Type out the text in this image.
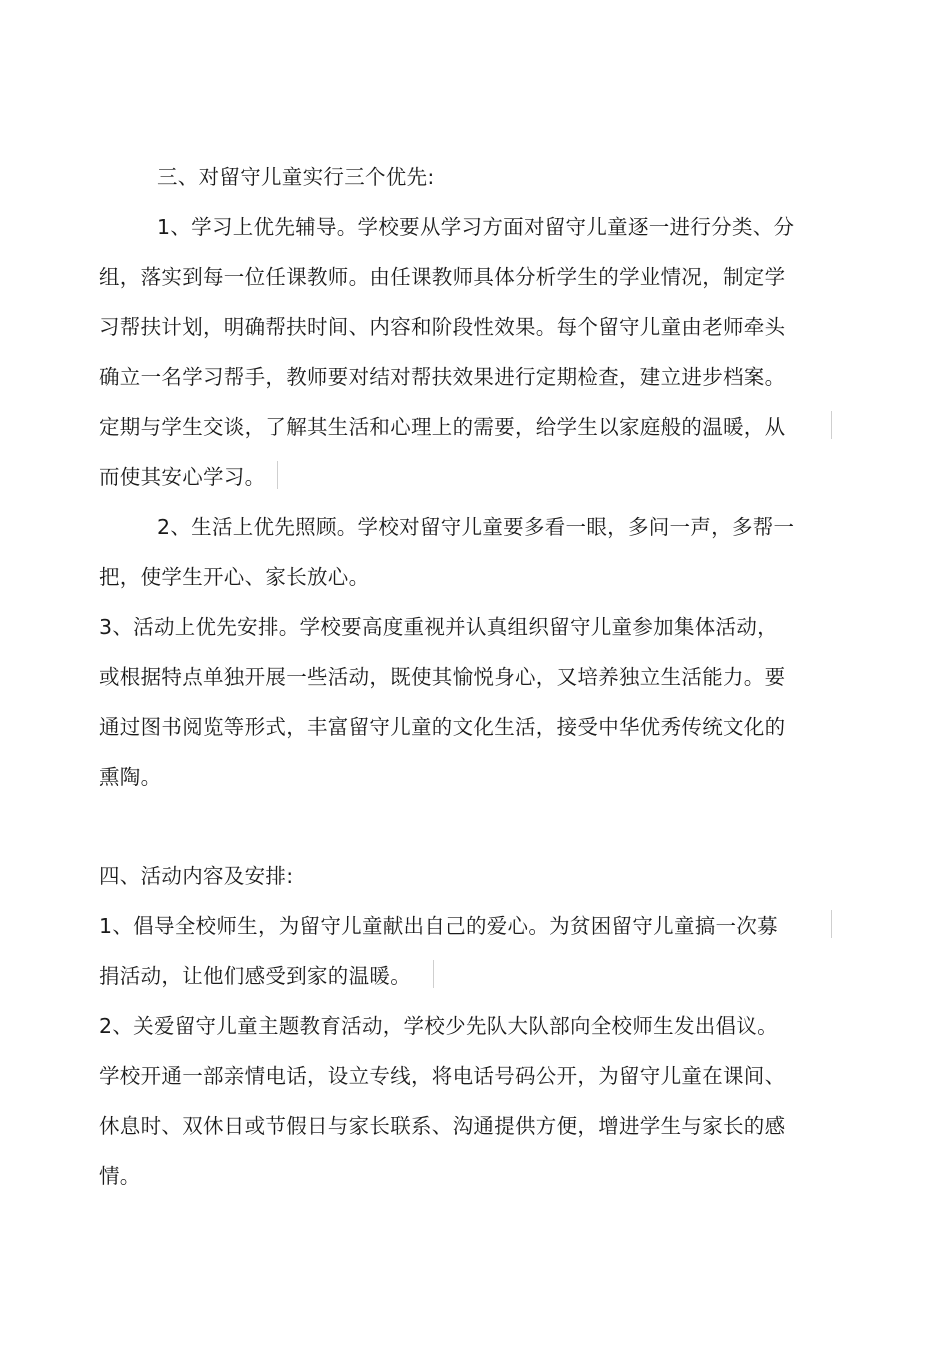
三、对留守儿童实行三个优先:
1、学习上优先辅导。学校要从学习方面对留守儿童逐一进行分类、分
组，落实到每一位任课教师。由任课教师具体分析学生的学业情况，制定学
习帮扶计划，明确帮扶时间、内容和阶段性效果。每个留守儿童由老师牵头
确立一名学习帮手，教师要对结对帮扶效果进行定期检查，建立进步档案。
定期与学生交谈，了解其生活和心理上的需要，给学生以家庭般的温暖，从
而使其安心学习。
2、生活上优先照顾。学校对留守儿童要多看一眼，多问一声，多帮一
把，使学生开心、家长放心。
3、活动上优先安排。学校要高度重视并认真组织留守儿童参加集体活动，
或根据特点单独开展一些活动，既使其愉悦身心，又培养独立生活能力。要
通过图书阅览等形式，丰富留守儿童的文化生活，接受中华优秀传统文化的
熏陶。
四、活动内容及安排:
1、倡导全校师生，为留守儿童献出自己的爱心。为贫困留守儿童搞一次募
捐活动，让他们感受到家的温暖。
2、关爱留守儿童主题教育活动，学校少先队大队部向全校师生发出倡议。
学校开通一部亲情电话，设立专线，将电话号码公开，为留守儿童在课间、
休息时、双休日或节假日与家长联系、沟通提供方便，增进学生与家长的感
情。
